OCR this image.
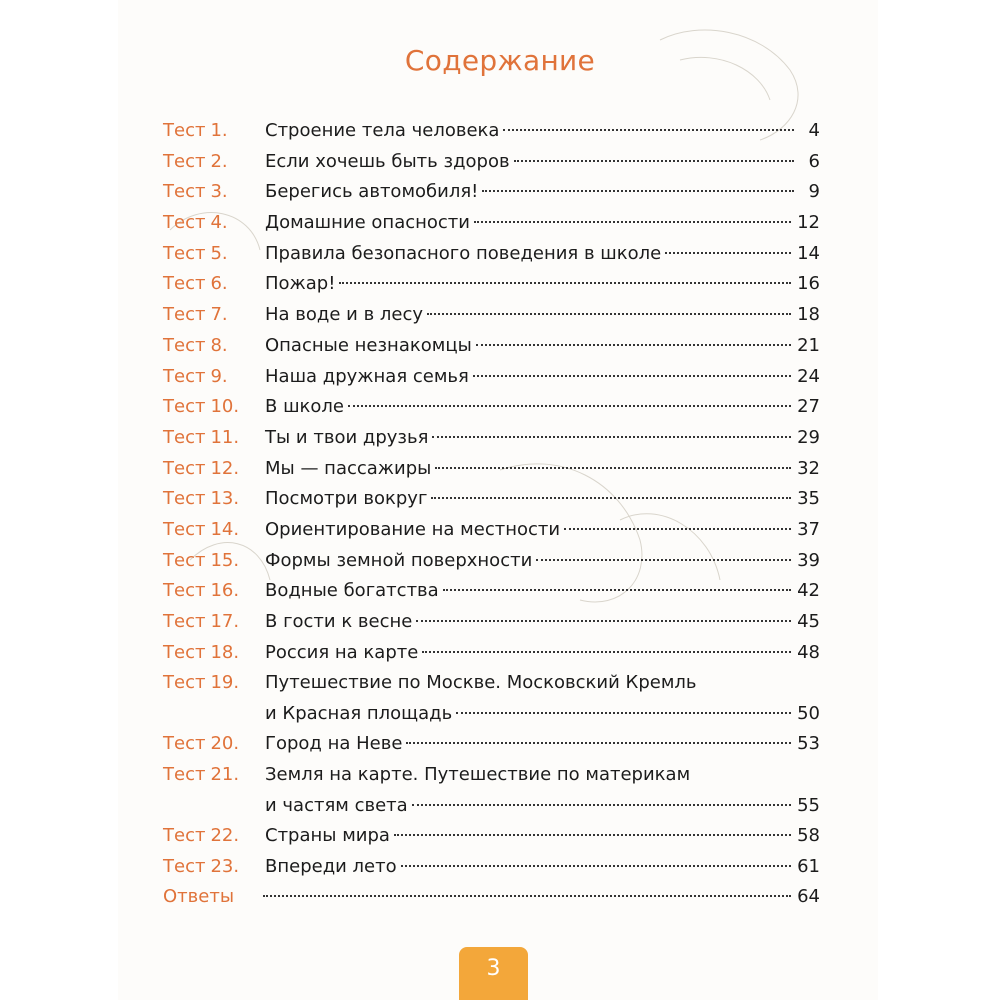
Содержание
Тест 1.	Строение тела человека	4
Тест 2.	Если хочешь быть здоров	6
Тест 3.	Берегись автомобиля!	9
Тест 4.	Домашние опасности	12
Тест 5.	Правила безопасного поведения в школе	14
Тест 6.	Пожар!	16
Тест 7.	На воде и в лесу	18
Тест 8.	Опасные незнакомцы	21
Тест 9.	Наша дружная семья	24
Тест 10.	В школе	27
Тест 11.	Ты и твои друзья	29
Тест 12.	Мы — пассажиры	32
Тест 13.	Посмотри вокруг	35
Тест 14.	Ориентирование на местности	37
Тест 15.	Формы земной поверхности	39
Тест 16.	Водные богатства	42
Тест 17.	В гости к весне	45
Тест 18.	Россия на карте	48
Тест 19.	Путешествие по Москве. Московский Кремль
и Красная площадь	50
Тест 20.	Город на Неве	53
Тест 21.	Земля на карте. Путешествие по материкам
и частям света	55
Тест 22.	Страны мира	58
Тест 23.	Впереди лето	61
Ответы	64
3
